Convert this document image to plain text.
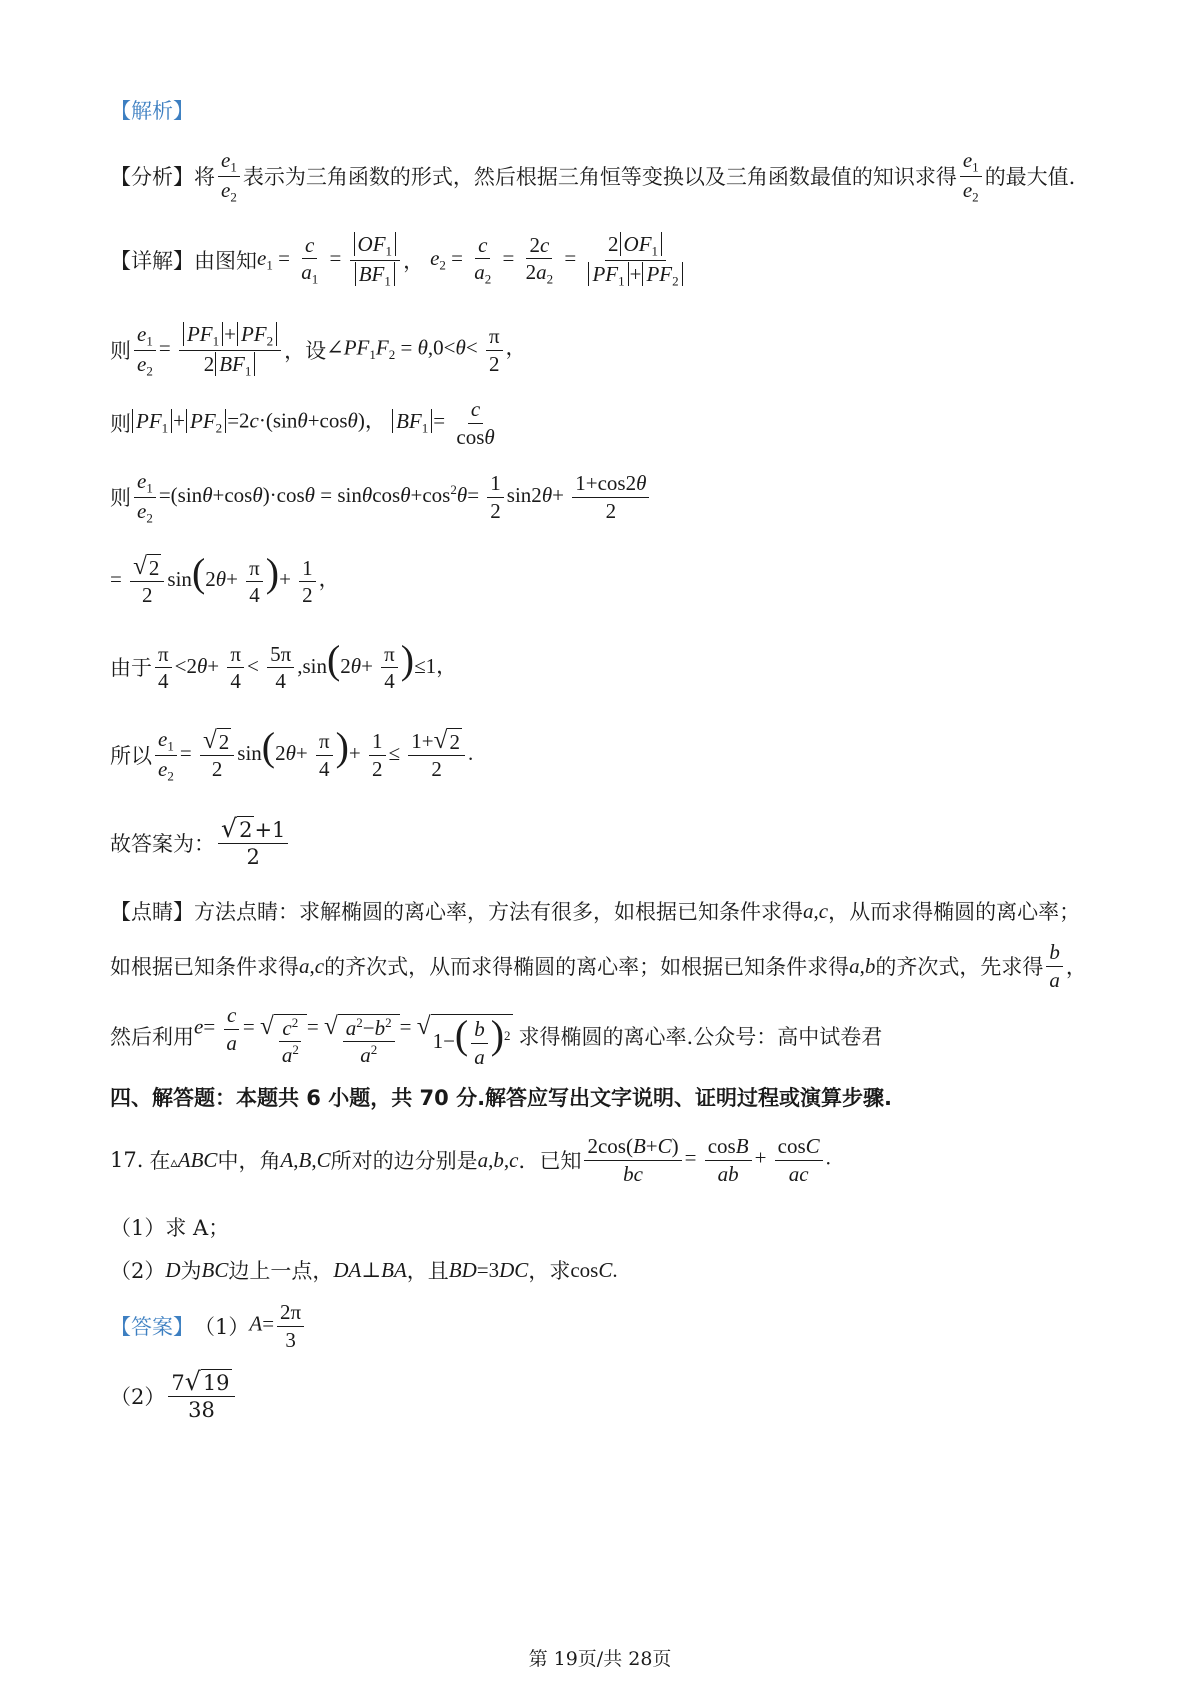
【解析】
【分析】 将 $\frac{e_1}{e_2}$ 表示为三角函数的形式，然后根据三角恒等变换以及三角函数最值的知识求得 $\frac{e_1}{e_2}$ 的最大值.
【详解】 由图知 $e_1 = \frac{c}{a_1} = \frac{OF_1}{BF_1}$ ， $e_2 = \frac{c}{a_2} = \frac{2c}{2a_2} = \frac{2 OF_1}{PF_1 + PF_2}$
则 $\frac{e_1}{e_2} = \frac{PF_1 + PF_2}{2 BF_1}$ ，设 $\angle PF_1F_2 = \theta,0<\theta< \frac{\pi}{2}$ ，
则 $PF_1 + PF_2 =2c\cdot(\sin\theta+\cos\theta)$， $BF_1 = \frac{c}{\cos\theta}$
则 $\frac{e_1}{e_2} =(\sin\theta+\cos\theta)\cdot\cos\theta = \sin\theta\cos\theta+\cos^2\theta= \frac{1}{2} \sin 2\theta+ \frac{1+\cos 2\theta}{2}$
= $\frac{√ 2}{2} \sin(2\theta+ \frac{\pi}{4}$ )+ $\frac{1}{2}$ ，
由于 $\frac{\pi}{4} <2\theta+ \frac{\pi}{4} < \frac{5\pi}{4} ,\sin(2\theta+ \frac{\pi}{4} )\le 1$，
所以 $\frac{e_1}{e_2} = \frac{√ 2}{2} \sin(2\theta+ \frac{\pi}{4}$ )+ $\frac{1}{2} \le \frac{1+ √ 2}{2}$ .
故答案为： $\frac{√ 2 +1}{2}$
【点睛】 方法点睛：求解椭圆的离心率，方法有很多，如根据已知条件求得 a,c ，从而求得椭圆的离心率；
如根据已知条件求得 a,c 的齐次式，从而求得椭圆的离心率；如根据已知条件求得 a,b 的齐次式，先求得 $\frac{b}{a}$ ，
然后利用 $e= \frac{c}{a}$ = √ $\frac{c^2}{a^2}$ = √ $\frac{a^2-b^2}{a^2}$ = √
$1-( \frac{b}{a} )^2$ 求得椭圆的离心率.公众号：高中试卷君
四、解答题：本题共 6 小题，共 70 分.解答应写出文字说明、证明过程或演算步骤.
17. 在 ▵ABC 中，角 A,B,C 所对的边分别是 a,b,c ．已知 $\frac{2\cos(B+C)}{bc} = \frac{\cos B}{ab} + \frac{\cos C}{ac}$ .
（1）求 A；
（2） D 为 BC 边上一点， DA⊥BA ，且 BD=3DC ，求 cosC.
【答案】 （1） $A= \frac{2\pi}{3}$
$(2) \frac{7 √ 19}{38}$
第 19页/共 28页
